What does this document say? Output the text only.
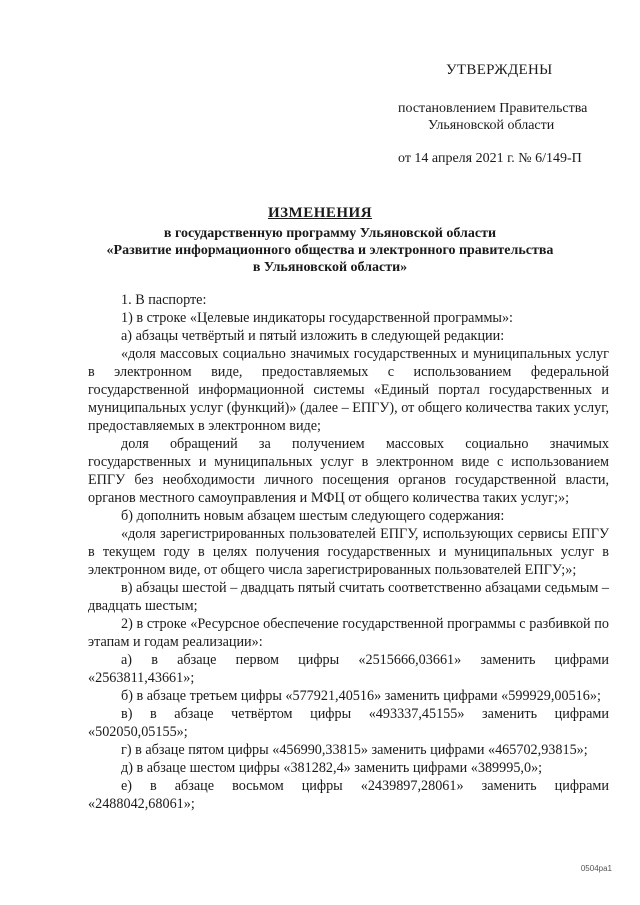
УТВЕРЖДЕНЫ
постановлением Правительства
Ульяновской области
от 14 апреля 2021 г. № 6/149-П
ИЗМЕНЕНИЯ
в государственную программу Ульяновской области
«Развитие информационного общества и электронного правительства
в Ульяновской области»

1. В паспорте:

1) в строке «Целевые индикаторы государственной программы»:

а) абзацы четвёртый и пятый изложить в следующей редакции:

«доля массовых социально значимых государственных и муниципальных услуг в электронном виде, предоставляемых с использованием федеральной государственной информационной системы «Единый портал государственных и муниципальных услуг (функций)» (далее – ЕПГУ), от общего количества таких услуг, предоставляемых в электронном виде;

доля обращений за получением массовых социально значимых государственных и муниципальных услуг в электронном виде с использованием ЕПГУ без необходимости личного посещения органов государственной власти, органов местного самоуправления и МФЦ от общего количества таких услуг;»;

б) дополнить новым абзацем шестым следующего содержания:

«доля зарегистрированных пользователей ЕПГУ, использующих сервисы ЕПГУ в текущем году в целях получения государственных и муниципальных услуг в электронном виде, от общего числа зарегистрированных пользователей ЕПГУ;»;

в) абзацы шестой – двадцать пятый считать соответственно абзацами седьмым – двадцать шестым;

2) в строке «Ресурсное обеспечение государственной программы с разбивкой по этапам и годам реализации»:

а) в абзаце первом цифры «2515666,03661» заменить цифрами «2563811,43661»;

б) в абзаце третьем цифры «577921,40516» заменить цифрами «599929,00516»;

в) в абзаце четвёртом цифры «493337,45155» заменить цифрами «502050,05155»;

г) в абзаце пятом цифры «456990,33815» заменить цифрами «465702,93815»;

д) в абзаце шестом цифры «381282,4» заменить цифрами «389995,0»;

е) в абзаце восьмом цифры «2439897,28061» заменить цифрами «2488042,68061»;

0504ра1
